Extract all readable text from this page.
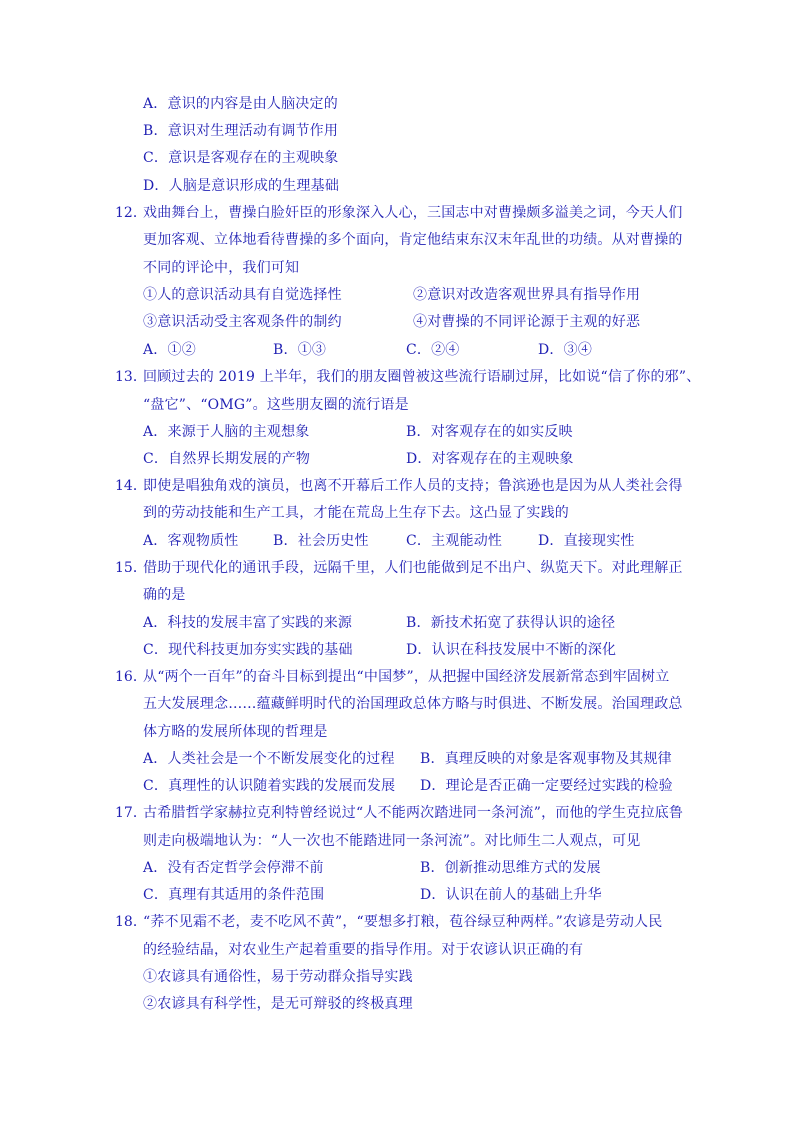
A．意识的内容是由人脑决定的
B．意识对生理活动有调节作用
C．意识是客观存在的主观映象
D．人脑是意识形成的生理基础
12．
戏曲舞台上，曹操白脸奸臣的形象深入人心，三国志中对曹操颇多溢美之词，今天人们
更加客观、立体地看待曹操的多个面向，肯定他结束东汉末年乱世的功绩。从对曹操的
不同的评论中，我们可知
①人的意识活动具有自觉选择性	②意识对改造客观世界具有指导作用
③意识活动受主客观条件的制约	④对曹操的不同评论源于主观的好恶
A．①②	B．①③	C．②④	D．③④
13．
回顾过去的 2019 上半年，我们的朋友圈曾被这些流行语刷过屏，比如说“信了你的邪”、
“盘它”、“OMG”。这些朋友圈的流行语是
A．来源于人脑的主观想象	B．对客观存在的如实反映
C．自然界长期发展的产物	D．对客观存在的主观映象
14．
即使是唱独角戏的演员，也离不开幕后工作人员的支持；鲁滨逊也是因为从人类社会得
到的劳动技能和生产工具，才能在荒岛上生存下去。这凸显了实践的
A．客观物质性 B．社会历史性	C．主观能动性	D．直接现实性
15．
借助于现代化的通讯手段，远隔千里，人们也能做到足不出户、纵览天下。对此理解正
确的是
A．科技的发展丰富了实践的来源	B．新技术拓宽了获得认识的途径
C．现代科技更加夯实实践的基础	D．认识在科技发展中不断的深化
16．
从“两个一百年”的奋斗目标到提出“中国梦”，从把握中国经济发展新常态到牢固树立
五大发展理念……蕴藏鲜明时代的治国理政总体方略与时俱进、不断发展。治国理政总
体方略的发展所体现的哲理是
A．人类社会是一个不断发展变化的过程 B．真理反映的对象是客观事物及其规律
C．真理性的认识随着实践的发展而发展 D．理论是否正确一定要经过实践的检验
17．
古希腊哲学家赫拉克利特曾经说过“人不能两次踏进同一条河流”，而他的学生克拉底鲁
则走向极端地认为：“人一次也不能踏进同一条河流”。对比师生二人观点，可见
A．没有否定哲学会停滞不前	B．创新推动思维方式的发展
C．真理有其适用的条件范围	D．认识在前人的基础上升华
18．
“荞不见霜不老，麦不吃风不黄”，“要想多打粮，苞谷绿豆种两样。”农谚是劳动人民
的经验结晶，对农业生产起着重要的指导作用。对于农谚认识正确的有
①农谚具有通俗性，易于劳动群众指导实践
②农谚具有科学性，是无可辩驳的终极真理
